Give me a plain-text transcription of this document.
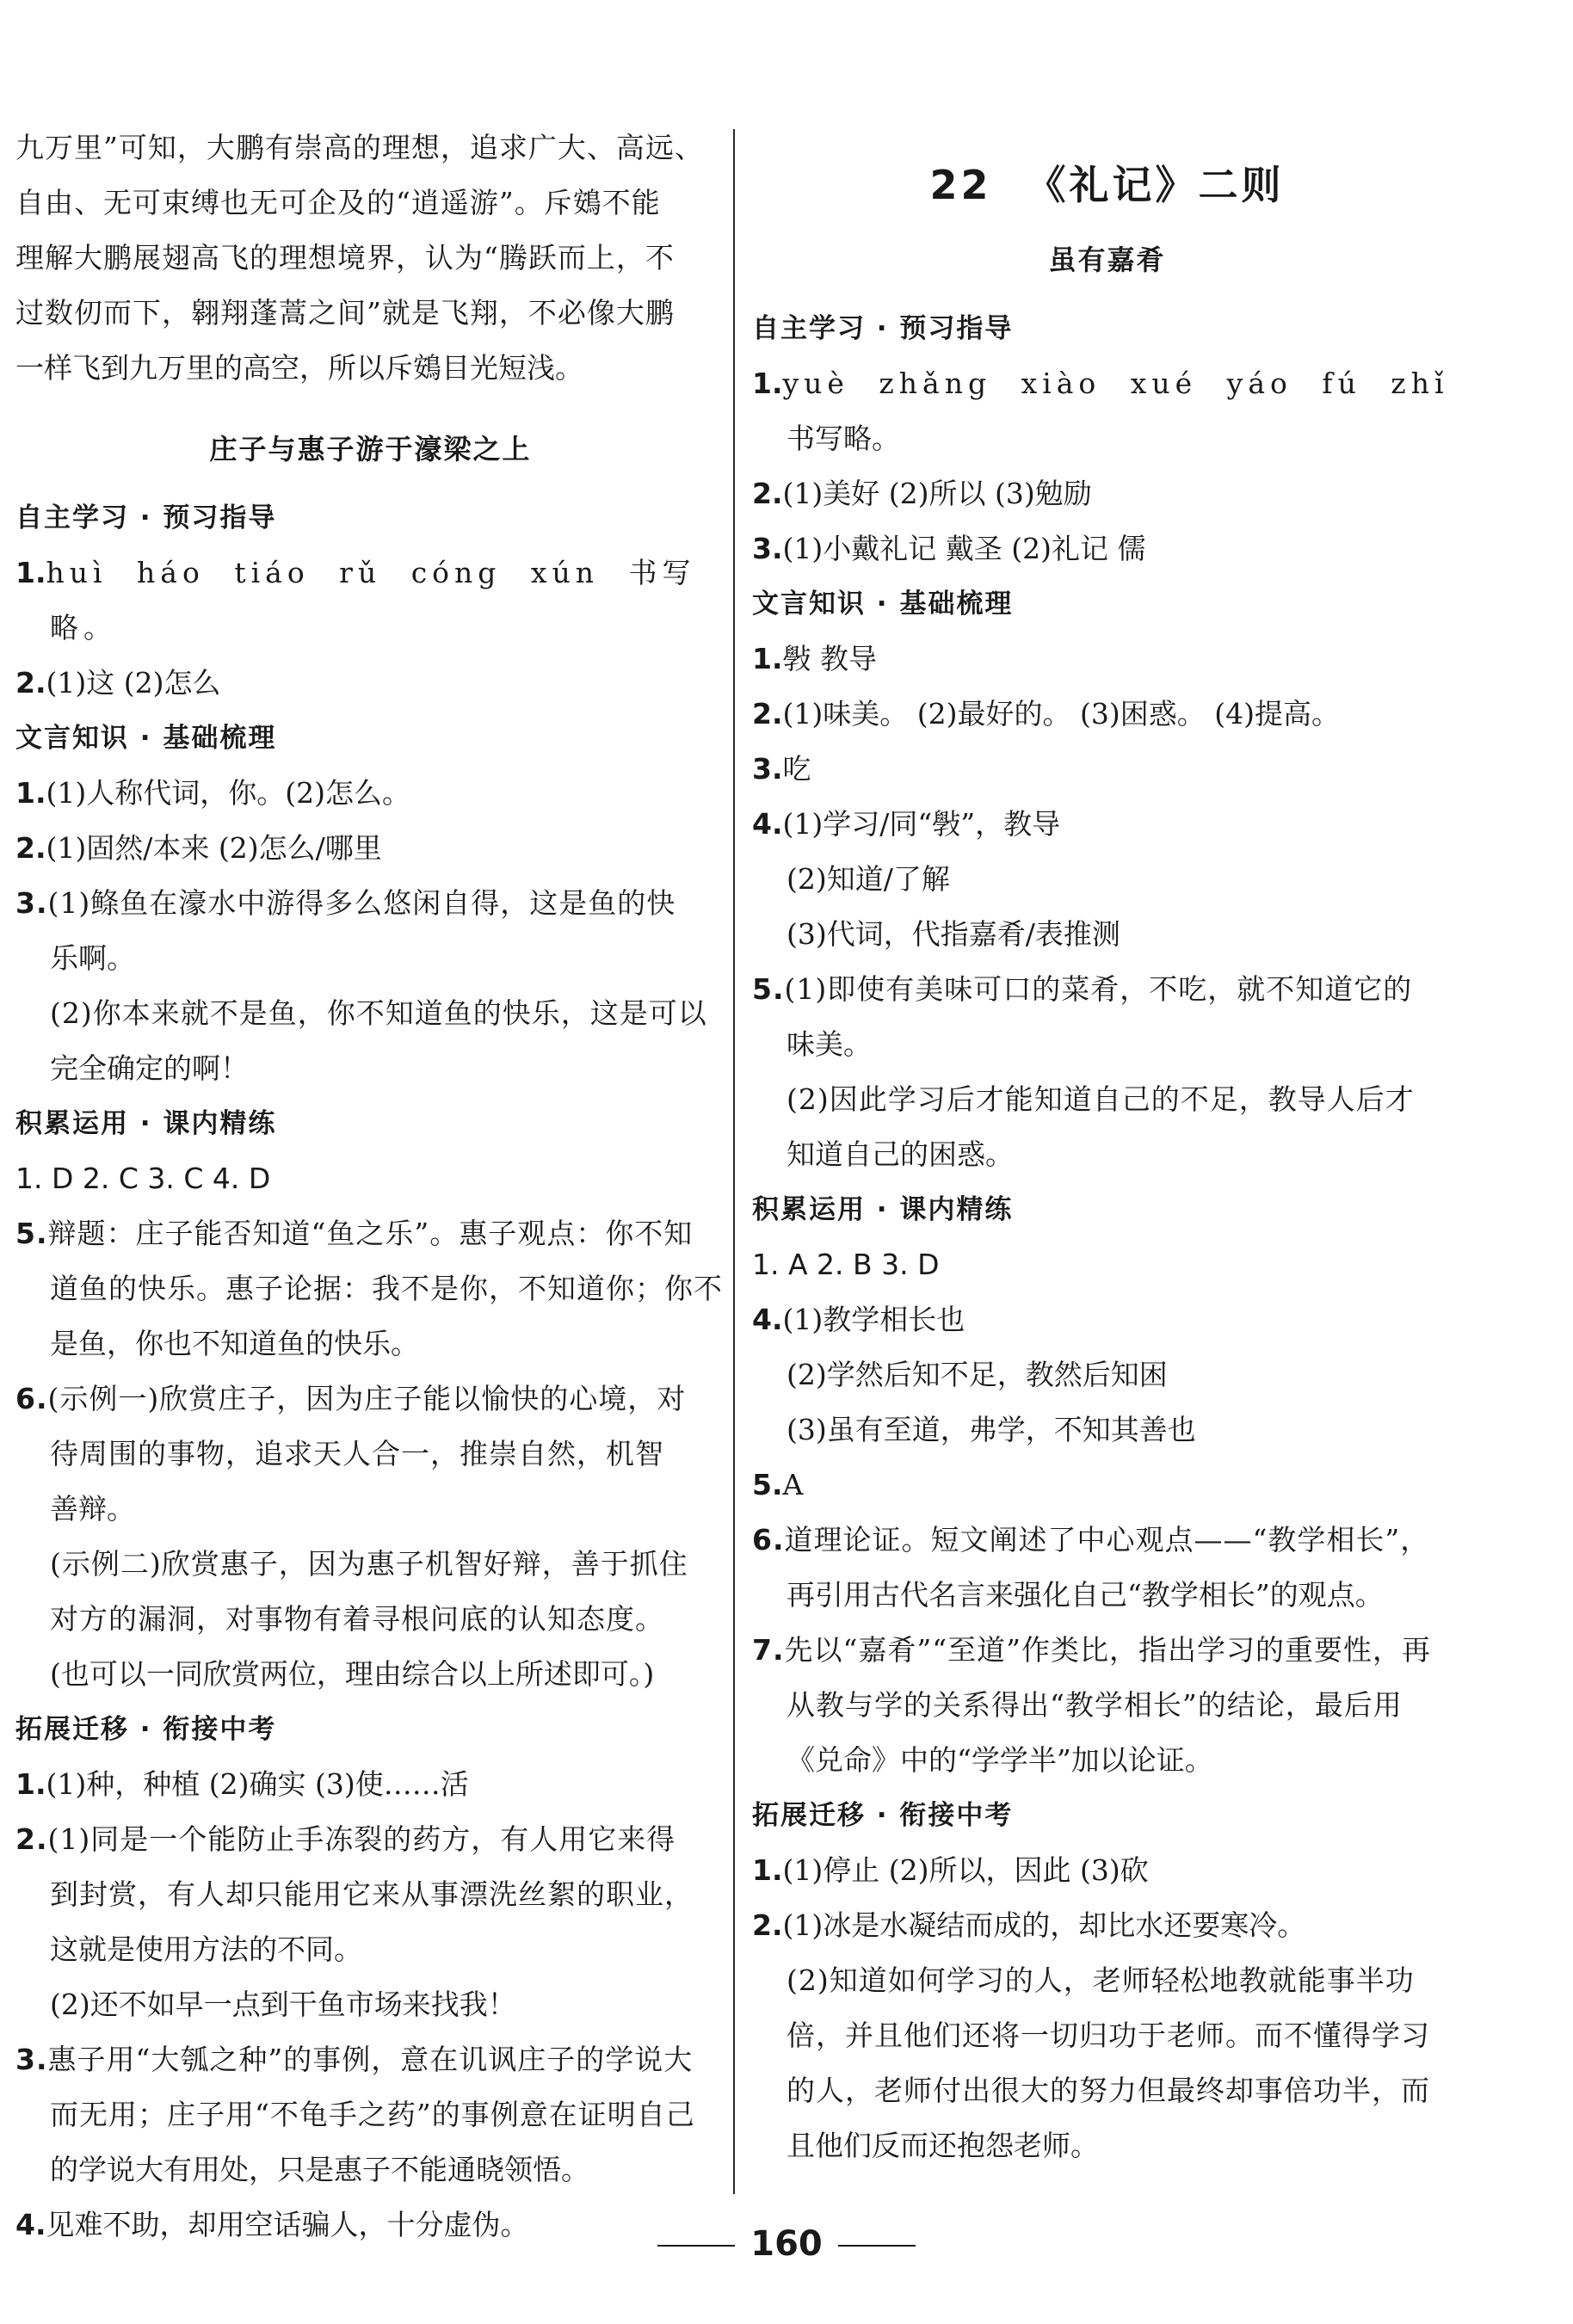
九万里”可知，大鹏有崇高的理想，追求广大、高远、

自由、无可束缚也无可企及的“逍遥游”。斥鴳不能

理解大鹏展翅高飞的理想境界，认为“腾跃而上，不

过数仞而下，翱翔蓬蒿之间”就是飞翔，不必像大鹏

一样飞到九万里的高空，所以斥鴳目光短浅。

庄子与惠子游于濠梁之上

自主学习 · 预习指导

1.huì háo tiáo rǔ cóng xún 书写略。

2.(1)这 (2)怎么

文言知识 · 基础梳理

1.(1)人称代词，你。(2)怎么。

2.(1)固然/本来 (2)怎么/哪里

3.(1)鲦鱼在濠水中游得多么悠闲自得，这是鱼的快

乐啊。

(2)你本来就不是鱼，你不知道鱼的快乐，这是可以

完全确定的啊！

积累运用 · 课内精练

1. D 2. C 3. C 4. D

5.辩题：庄子能否知道“鱼之乐”。惠子观点：你不知

道鱼的快乐。惠子论据：我不是你，不知道你；你不

是鱼，你也不知道鱼的快乐。

6.(示例一)欣赏庄子，因为庄子能以愉快的心境，对

待周围的事物，追求天人合一，推崇自然，机智

善辩。

(示例二)欣赏惠子，因为惠子机智好辩，善于抓住

对方的漏洞，对事物有着寻根问底的认知态度。

(也可以一同欣赏两位，理由综合以上所述即可。)

拓展迁移 · 衔接中考

1.(1)种，种植 (2)确实 (3)使……活

2.(1)同是一个能防止手冻裂的药方，有人用它来得

到封赏，有人却只能用它来从事漂洗丝絮的职业，

这就是使用方法的不同。

(2)还不如早一点到干鱼市场来找我！

3.惠子用“大瓠之种”的事例，意在讥讽庄子的学说大

而无用；庄子用“不龟手之药”的事例意在证明自己

的学说大有用处，只是惠子不能通晓领悟。

4.见难不助，却用空话骗人，十分虚伪。

22 《礼记》二则

虽有嘉肴

自主学习 · 预习指导

1.yuè zhǎng xiào xué yáo fú zhǐ

书写略。

2.(1)美好 (2)所以 (3)勉励

3.(1)小戴礼记 戴圣 (2)礼记 儒

文言知识 · 基础梳理

1.斅 教导

2.(1)味美。 (2)最好的。 (3)困惑。 (4)提高。

3.吃

4.(1)学习/同“斅”，教导

(2)知道/了解

(3)代词，代指嘉肴/表推测

5.(1)即使有美味可口的菜肴，不吃，就不知道它的

味美。

(2)因此学习后才能知道自己的不足，教导人后才

知道自己的困惑。

积累运用 · 课内精练

1. A 2. B 3. D

4.(1)教学相长也

(2)学然后知不足，教然后知困

(3)虽有至道，弗学，不知其善也

5.A

6.道理论证。短文阐述了中心观点——“教学相长”，

再引用古代名言来强化自己“教学相长”的观点。

7.先以“嘉肴”“至道”作类比，指出学习的重要性，再

从教与学的关系得出“教学相长”的结论，最后用

《兑命》中的“学学半”加以论证。

拓展迁移 · 衔接中考

1.(1)停止 (2)所以，因此 (3)砍

2.(1)冰是水凝结而成的，却比水还要寒冷。

(2)知道如何学习的人，老师轻松地教就能事半功

倍，并且他们还将一切归功于老师。而不懂得学习

的人，老师付出很大的努力但最终却事倍功半，而

且他们反而还抱怨老师。

160
